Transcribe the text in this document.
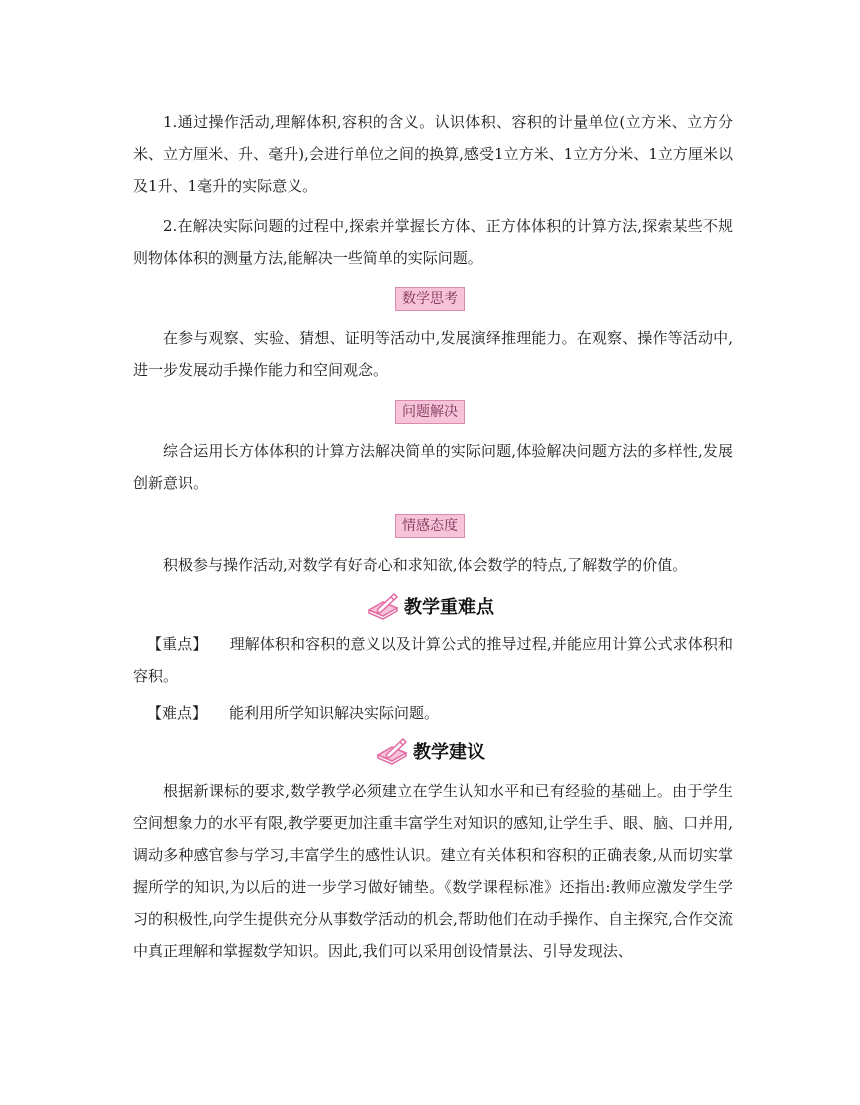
1.通过操作活动,理解体积,容积的含义。认识体积、容积的计量单位(立方米、立方分米、立方厘米、升、毫升),会进行单位之间的换算,感受1立方米、1立方分米、1立方厘米以及1升、1毫升的实际意义。

2.在解决实际问题的过程中,探索并掌握长方体、正方体体积的计算方法,探索某些不规则物体体积的测量方法,能解决一些简单的实际问题。

数学思考

在参与观察、实验、猜想、证明等活动中,发展演绎推理能力。在观察、操作等活动中,进一步发展动手操作能力和空间观念。

问题解决

综合运用长方体体积的计算方法解决简单的实际问题,体验解决问题方法的多样性,发展创新意识。

情感态度

积极参与操作活动,对数学有好奇心和求知欲,体会数学的特点,了解数学的价值。

教学重难点

【重点】 理解体积和容积的意义以及计算公式的推导过程,并能应用计算公式求体积和容积。

【难点】 能利用所学知识解决实际问题。

教学建议

根据新课标的要求,数学教学必须建立在学生认知水平和已有经验的基础上。由于学生空间想象力的水平有限,教学要更加注重丰富学生对知识的感知,让学生手、眼、脑、口并用,调动多种感官参与学习,丰富学生的感性认识。建立有关体积和容积的正确表象,从而切实掌握所学的知识,为以后的进一步学习做好铺垫。《数学课程标准》还指出:教师应激发学生学习的积极性,向学生提供充分从事数学活动的机会,帮助他们在动手操作、自主探究,合作交流中真正理解和掌握数学知识。因此,我们可以采用创设情景法、引导发现法、
